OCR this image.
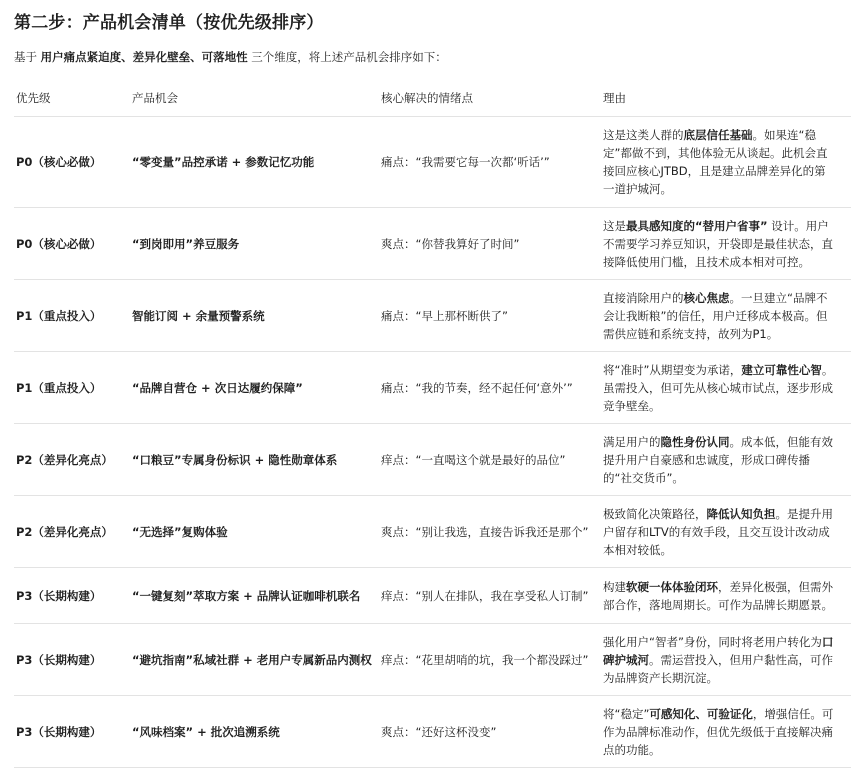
第二步：产品机会清单（按优先级排序）

基于 用户痛点紧迫度、差异化壁垒、可落地性 三个维度，将上述产品机会排序如下：

优先级	产品机会	核心解决的情绪点	理由
P0（核心必做）	“零变量”品控承诺 + 参数记忆功能	痛点：“我需要它每一次都‘听话’”	这是这类人群的底层信任基础。如果连“稳定”都做不到，其他体验无从谈起。此机会直接回应核心JTBD，且是建立品牌差异化的第一道护城河。
P0（核心必做）	“到岗即用”养豆服务	爽点：“你替我算好了时间”	这是最具感知度的“替用户省事” 设计。用户不需要学习养豆知识，开袋即是最佳状态，直接降低使用门槛，且技术成本相对可控。
P1（重点投入）	智能订阅 + 余量预警系统	痛点：“早上那杯断供了”	直接消除用户的核心焦虑。一旦建立“品牌不会让我断粮”的信任，用户迁移成本极高。但需供应链和系统支持，故列为P1。
P1（重点投入）	“品牌自营仓 + 次日达履约保障”	痛点：“我的节奏，经不起任何‘意外’”	将“准时”从期望变为承诺，建立可靠性心智。虽需投入，但可先从核心城市试点，逐步形成竞争壁垒。
P2（差异化亮点）	“口粮豆”专属身份标识 + 隐性勋章体系	痒点：“一直喝这个就是最好的品位”	满足用户的隐性身份认同。成本低，但能有效提升用户自豪感和忠诚度，形成口碑传播的“社交货币”。
P2（差异化亮点）	“无选择”复购体验	爽点：“别让我选，直接告诉我还是那个”	极致简化决策路径，降低认知负担。是提升用户留存和LTV的有效手段，且交互设计改动成本相对较低。
P3（长期构建）	“一键复刻”萃取方案 + 品牌认证咖啡机联名	痒点：“别人在排队，我在享受私人订制”	构建软硬一体体验闭环，差异化极强，但需外部合作，落地周期长。可作为品牌长期愿景。
P3（长期构建）	“避坑指南”私域社群 + 老用户专属新品内测权	痒点：“花里胡哨的坑，我一个都没踩过”	强化用户“智者”身份，同时将老用户转化为口碑护城河。需运营投入，但用户黏性高，可作为品牌资产长期沉淀。
P3（长期构建）	“风味档案” + 批次追溯系统	爽点：“还好这杯没变”	将“稳定”可感知化、可验证化，增强信任。可作为品牌标准动作，但优先级低于直接解决痛点的功能。
